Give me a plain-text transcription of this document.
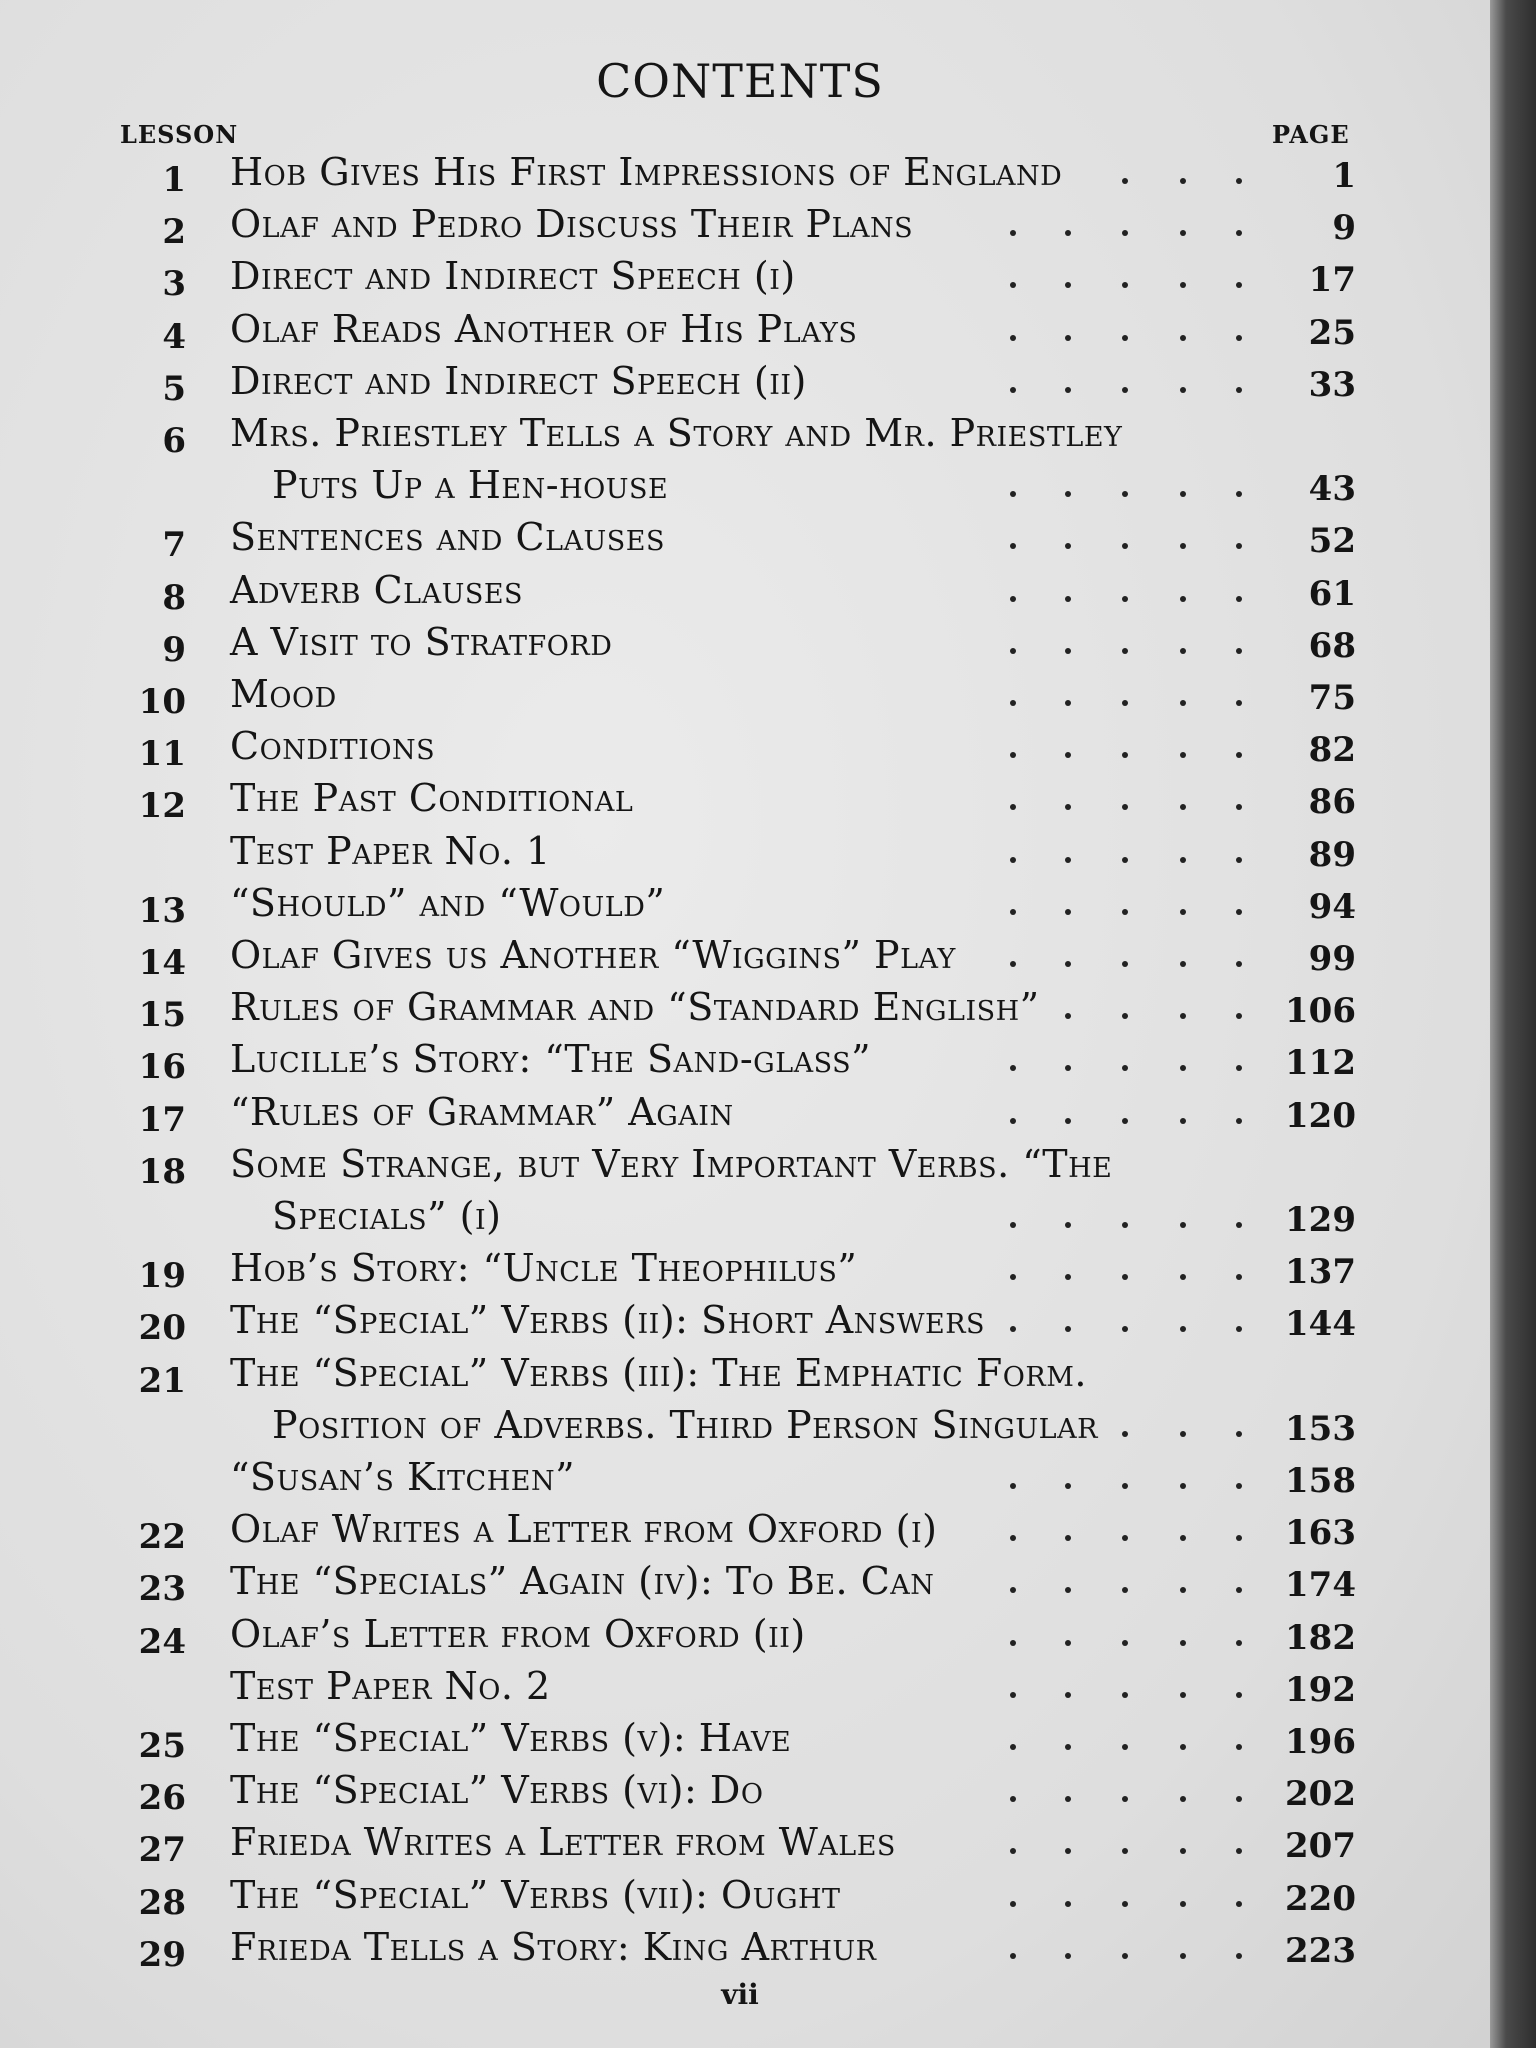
CONTENTS
LESSON	PAGE
1 Hob Gives His First Impressions of England	1
2 Olaf and Pedro Discuss Their Plans	9
3 Direct and Indirect Speech (i)	17
4 Olaf Reads Another of His Plays	25
5 Direct and Indirect Speech (ii)	33
6 Mrs. Priestley Tells a Story and Mr. Priestley
Puts Up a Hen-house	43
7 Sentences and Clauses	52
8 Adverb Clauses	61
9 A Visit to Stratford	68
10 Mood	75
11 Conditions	82
12 The Past Conditional	86
Test Paper No. 1	89
13 “Should” and “Would”	94
14 Olaf Gives us Another “Wiggins” Play	99
15 Rules of Grammar and “Standard English”	106
16 Lucille’s Story: “The Sand-glass”	112
17 “Rules of Grammar” Again	120
18 Some Strange, but Very Important Verbs. “The
Specials” (i)	129
19 Hob’s Story: “Uncle Theophilus”	137
20 The “Special” Verbs (ii): Short Answers	144
21 The “Special” Verbs (iii): The Emphatic Form.
Position of Adverbs. Third Person Singular	153
“Susan’s Kitchen”	158
22 Olaf Writes a Letter from Oxford (i)	163
23 The “Specials” Again (iv): To Be. Can	174
24 Olaf’s Letter from Oxford (ii)	182
Test Paper No. 2	192
25 The “Special” Verbs (v): Have	196
26 The “Special” Verbs (vi): Do	202
27 Frieda Writes a Letter from Wales	207
28 The “Special” Verbs (vii): Ought	220
29 Frieda Tells a Story: King Arthur	223
vii
